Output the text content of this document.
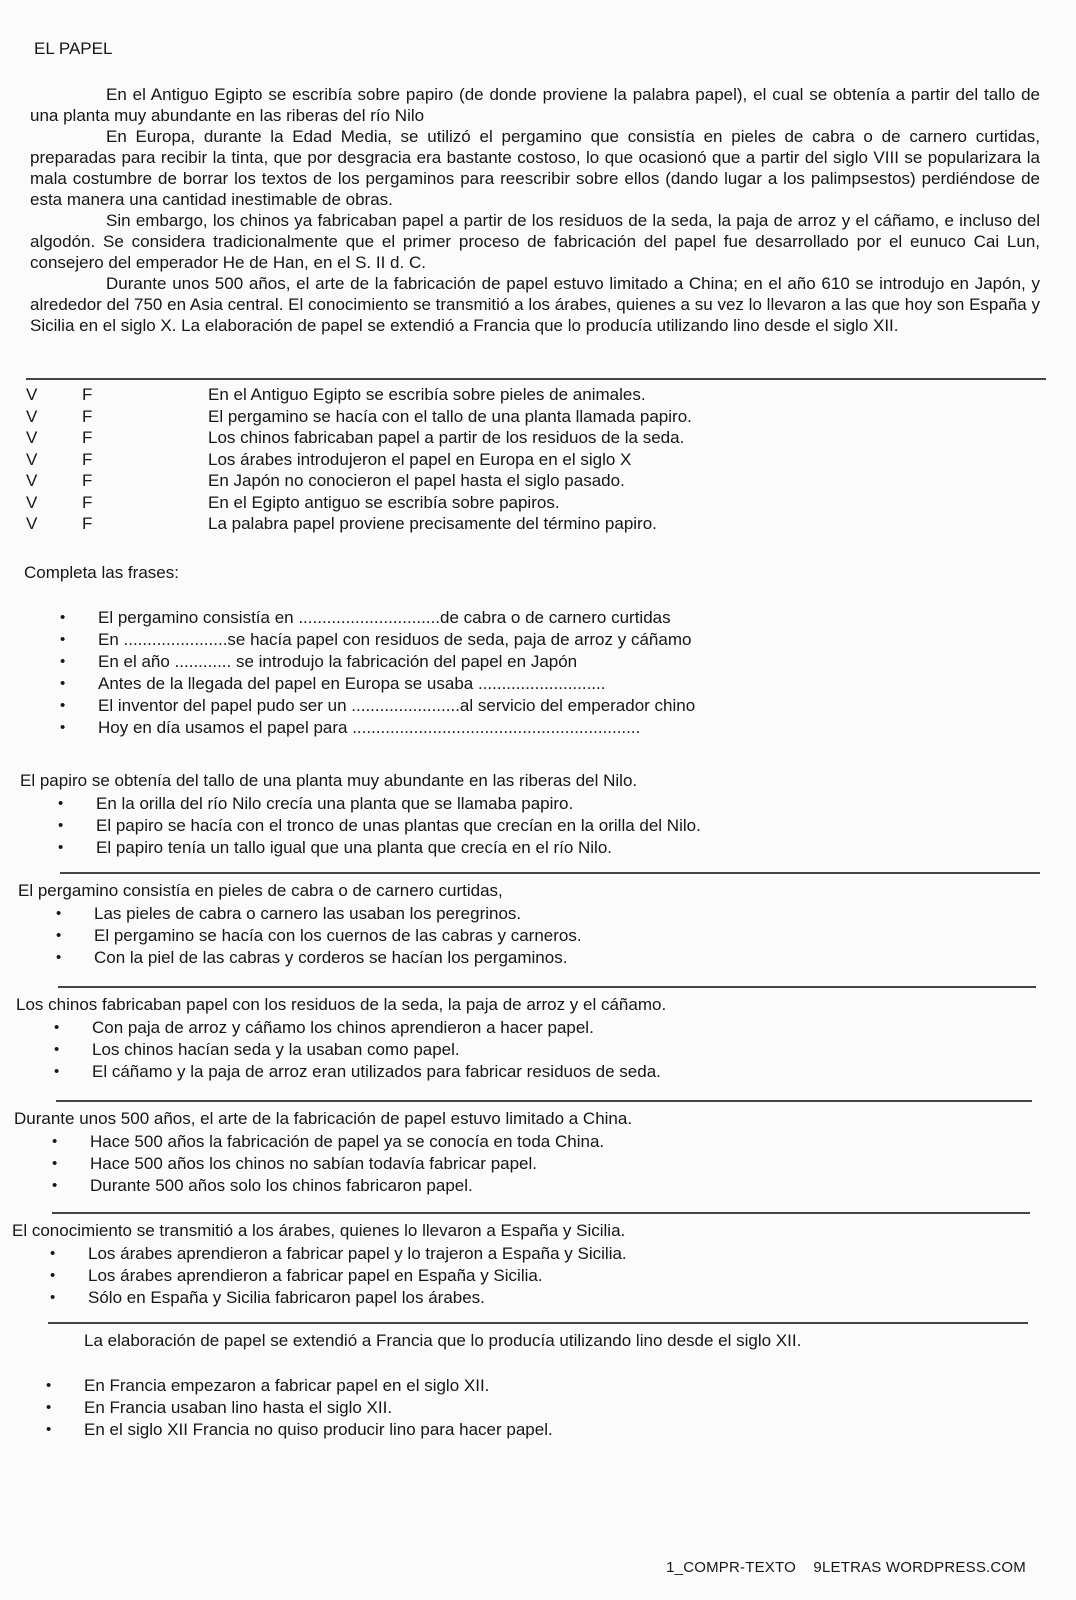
EL PAPEL

En el Antiguo Egipto se escribía sobre papiro (de donde proviene la palabra papel), el cual se obtenía a partir del tallo de una planta muy abundante en las riberas del río Nilo

En Europa, durante la Edad Media, se utilizó el pergamino que consistía en pieles de cabra o de carnero curtidas, preparadas para recibir la tinta, que por desgracia era bastante costoso, lo que ocasionó que a partir del siglo VIII se popularizara la mala costumbre de borrar los textos de los pergaminos para reescribir sobre ellos (dando lugar a los palimpsestos) perdiéndose de esta manera una cantidad inestimable de obras.

Sin embargo, los chinos ya fabricaban papel a partir de los residuos de la seda, la paja de arroz y el cáñamo, e incluso del algodón. Se considera tradicionalmente que el primer proceso de fabricación del papel fue desarrollado por el eunuco Cai Lun, consejero del emperador He de Han, en el S. II d. C.

Durante unos 500 años, el arte de la fabricación de papel estuvo limitado a China; en el año 610 se introdujo en Japón, y alrededor del 750 en Asia central. El conocimiento se transmitió a los árabes, quienes a su vez lo llevaron a las que hoy son España y Sicilia en el siglo X. La elaboración de papel se extendió a Francia que lo producía utilizando lino desde el siglo XII.

V	F	En el Antiguo Egipto se escribía sobre pieles de animales.
V	F	El pergamino se hacía con el tallo de una planta llamada papiro.
V	F	Los chinos fabricaban papel a partir de los residuos de la seda.
V	F	Los árabes introdujeron el papel en Europa en el siglo X
V	F	En Japón no conocieron el papel hasta el siglo pasado.
V	F	En el Egipto antiguo se escribía sobre papiros.
V	F	La palabra papel proviene precisamente del término papiro.
Completa las frases:
•	El pergamino consistía en ..............................de cabra o de carnero curtidas
•	En ......................se hacía papel con residuos de seda, paja de arroz y cáñamo
•	En el año ............ se introdujo la fabricación del papel en Japón
•	Antes de la llegada del papel en Europa se usaba ...........................
•	El inventor del papel pudo ser un .......................al servicio del emperador chino
•	Hoy en día usamos el papel para .............................................................
El papiro se obtenía del tallo de una planta muy abundante en las riberas del Nilo.
•	En la orilla del río Nilo crecía una planta que se llamaba papiro.
•	El papiro se hacía con el tronco de unas plantas que crecían en la orilla del Nilo.
•	El papiro tenía un tallo igual que una planta que crecía en el río Nilo.
El pergamino consistía en pieles de cabra o de carnero curtidas,
•	Las pieles de cabra o carnero las usaban los peregrinos.
•	El pergamino se hacía con los cuernos de las cabras y carneros.
•	Con la piel de las cabras y corderos se hacían los pergaminos.
Los chinos fabricaban papel con los residuos de la seda, la paja de arroz y el cáñamo.
•	Con paja de arroz y cáñamo los chinos aprendieron a hacer papel.
•	Los chinos hacían seda y la usaban como papel.
•	El cáñamo y la paja de arroz eran utilizados para fabricar residuos de seda.
Durante unos 500 años, el arte de la fabricación de papel estuvo limitado a China.
•	Hace 500 años la fabricación de papel ya se conocía en toda China.
•	Hace 500 años los chinos no sabían todavía fabricar papel.
•	Durante 500 años solo los chinos fabricaron papel.
El conocimiento se transmitió a los árabes, quienes lo llevaron a España y Sicilia.
•	Los árabes aprendieron a fabricar papel y lo trajeron a España y Sicilia.
•	Los árabes aprendieron a fabricar papel en España y Sicilia.
•	Sólo en España y Sicilia fabricaron papel los árabes.
La elaboración de papel se extendió a Francia que lo producía utilizando lino desde el siglo XII.
•	En Francia empezaron a fabricar papel en el siglo XII.
•	En Francia usaban lino hasta el siglo XII.
•	En el siglo XII Francia no quiso producir lino para hacer papel.
1_COMPR-TEXTO    9LETRAS WORDPRESS.COM
